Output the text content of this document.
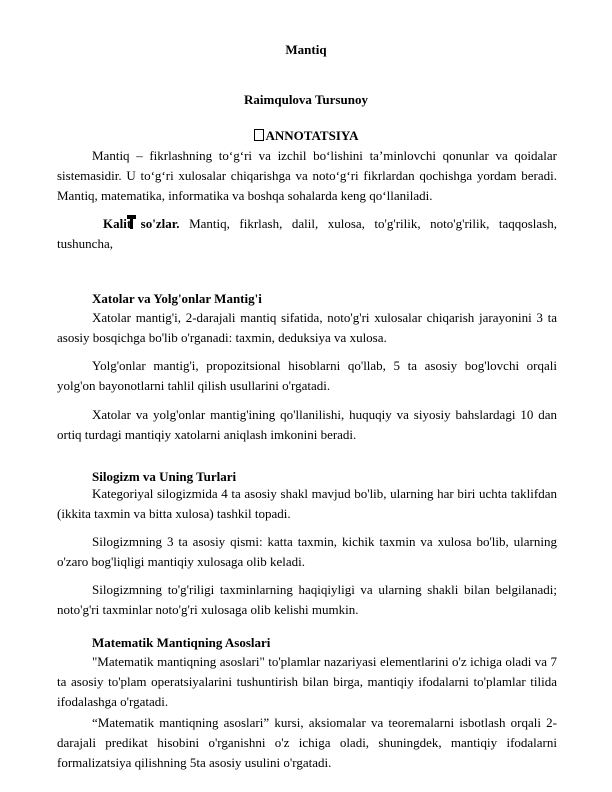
Mantiq
Raimqulova Tursunoy
ANNOTATSIYA
Mantiq – fikrlashning to‘g‘ri va izchil bo‘lishini ta’minlovchi qonunlar va qoidalar sistemasidir. U to‘g‘ri xulosalar chiqarishga va noto‘g‘ri fikrlardan qochishga yordam beradi. Mantiq, matematika, informatika va boshqa sohalarda keng qo‘llaniladi.
Kalit so'zlar. Mantiq, fikrlash, dalil, xulosa, to'g'rilik, noto'g'rilik, taqqoslash, tushuncha,
Xatolar va Yolg'onlar Mantig'i
Xatolar mantig'i, 2-darajali mantiq sifatida, noto'g'ri xulosalar chiqarish jarayonini 3 ta asosiy bosqichga bo'lib o'rganadi: taxmin, deduksiya va xulosa.
Yolg'onlar mantig'i, propozitsional hisoblarni qo'llab, 5 ta asosiy bog'lovchi orqali yolg'on bayonotlarni tahlil qilish usullarini o'rgatadi.
Xatolar va yolg'onlar mantig'ining qo'llanilishi, huquqiy va siyosiy bahslardagi 10 dan ortiq turdagi mantiqiy xatolarni aniqlash imkonini beradi.
Silogizm va Uning Turlari
Kategoriyal silogizmida 4 ta asosiy shakl mavjud bo'lib, ularning har biri uchta taklifdan (ikkita taxmin va bitta xulosa) tashkil topadi.
Silogizmning 3 ta asosiy qismi: katta taxmin, kichik taxmin va xulosa bo'lib, ularning o'zaro bog'liqligi mantiqiy xulosaga olib keladi.
Silogizmning to'g'riligi taxminlarning haqiqiyligi va ularning shakli bilan belgilanadi; noto'g'ri taxminlar noto'g'ri xulosaga olib kelishi mumkin.
Matematik Mantiqning Asoslari
"Matematik mantiqning asoslari" to'plamlar nazariyasi elementlarini o'z ichiga oladi va 7 ta asosiy to'plam operatsiyalarini tushuntirish bilan birga, mantiqiy ifodalarni to'plamlar tilida ifodalashga o'rgatadi.
“Matematik mantiqning asoslari” kursi, aksiomalar va teoremalarni isbotlash orqali 2-darajali predikat hisobini o'rganishni o'z ichiga oladi, shuningdek, mantiqiy ifodalarni formalizatsiya qilishning 5ta asosiy usulini o'rgatadi.
